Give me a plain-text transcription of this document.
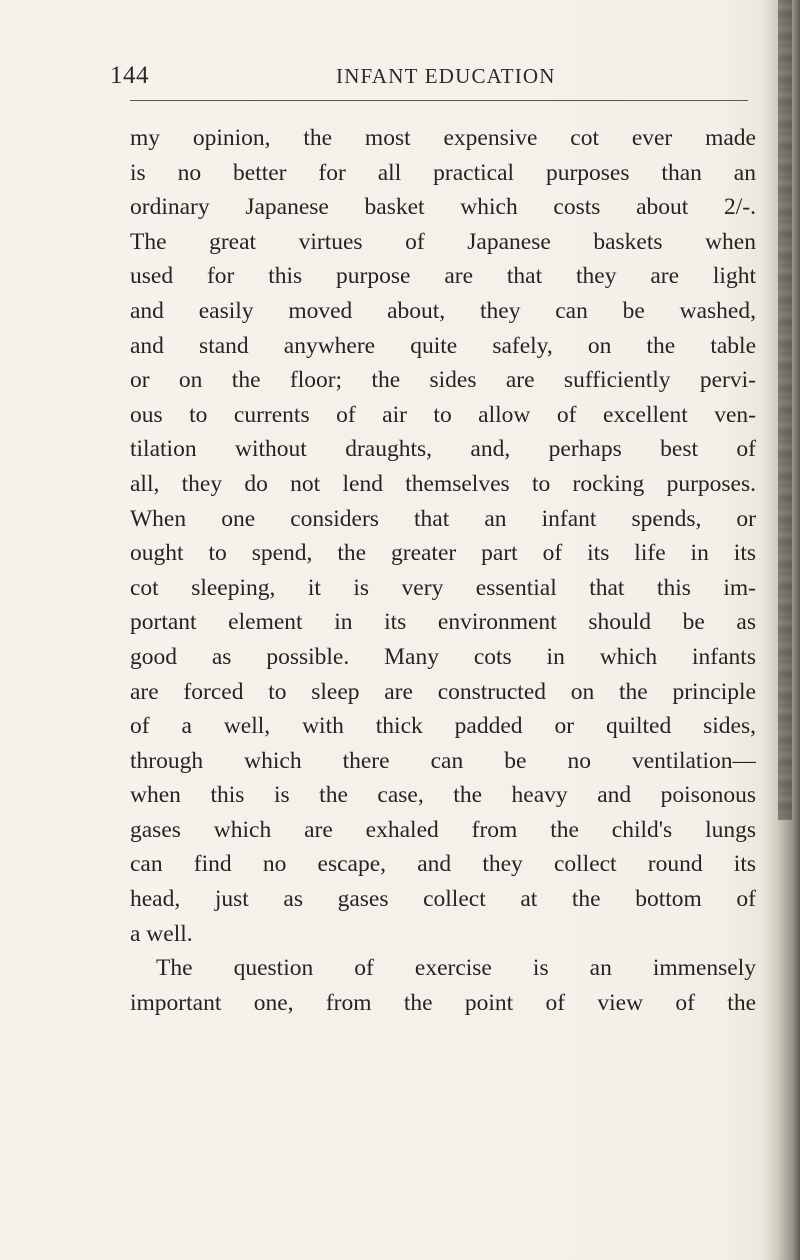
144	INFANT EDUCATION
my opinion, the most expensive cot ever made
is no better for all practical purposes than an
ordinary Japanese basket which costs about 2/-.
The great virtues of Japanese baskets when
used for this purpose are that they are light
and easily moved about, they can be washed,
and stand anywhere quite safely, on the table
or on the floor; the sides are sufficiently pervi-
ous to currents of air to allow of excellent ven-
tilation without draughts, and, perhaps best of
all, they do not lend themselves to rocking purposes.
When one considers that an infant spends, or
ought to spend, the greater part of its life in its
cot sleeping, it is very essential that this im-
portant element in its environment should be as
good as possible. Many cots in which infants
are forced to sleep are constructed on the principle
of a well, with thick padded or quilted sides,
through which there can be no ventilation—
when this is the case, the heavy and poisonous
gases which are exhaled from the child's lungs
can find no escape, and they collect round its
head, just as gases collect at the bottom of
a well.
The question of exercise is an immensely
important one, from the point of view of the
